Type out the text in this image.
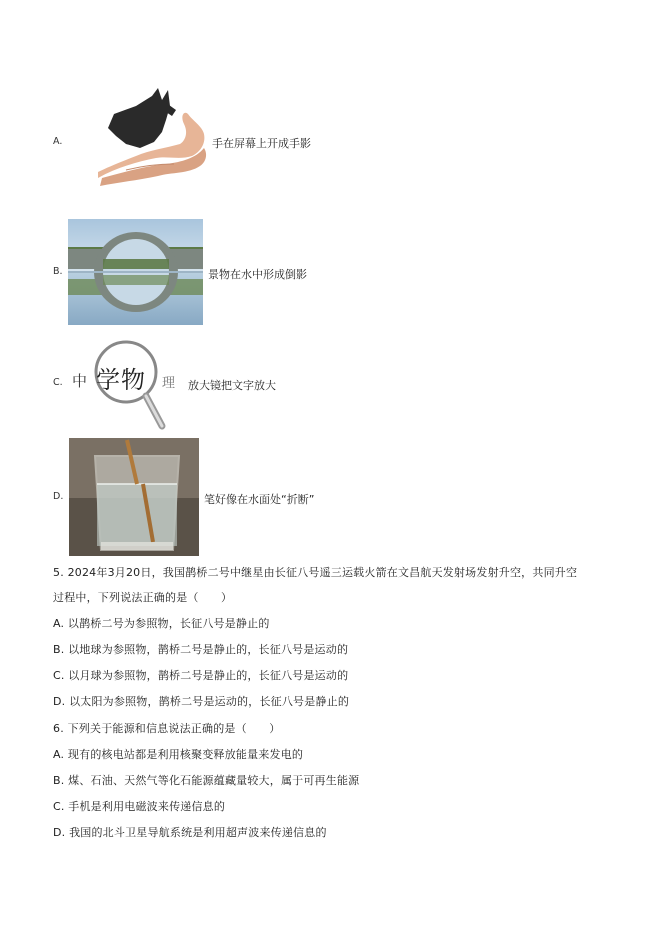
A.	手在屏幕上开成手影
B.	景物在水中形成倒影
C. 中 学物 理 放大镜把文字放大
D.	笔好像在水面处“折断”
5. 2024年3月20日，我国鹊桥二号中继星由长征八号遥三运载火箭在文昌航天发射场发射升空，共同升空
过程中，下列说法正确的是（　　）
A. 以鹊桥二号为参照物，长征八号是静止的
B. 以地球为参照物，鹊桥二号是静止的，长征八号是运动的
C. 以月球为参照物，鹊桥二号是静止的，长征八号是运动的
D. 以太阳为参照物，鹊桥二号是运动的，长征八号是静止的
6. 下列关于能源和信息说法正确的是（　　）
A. 现有的核电站都是利用核聚变释放能量来发电的
B. 煤、石油、天然气等化石能源蕴藏量较大，属于可再生能源
C. 手机是利用电磁波来传递信息的
D. 我国的北斗卫星导航系统是利用超声波来传递信息的
